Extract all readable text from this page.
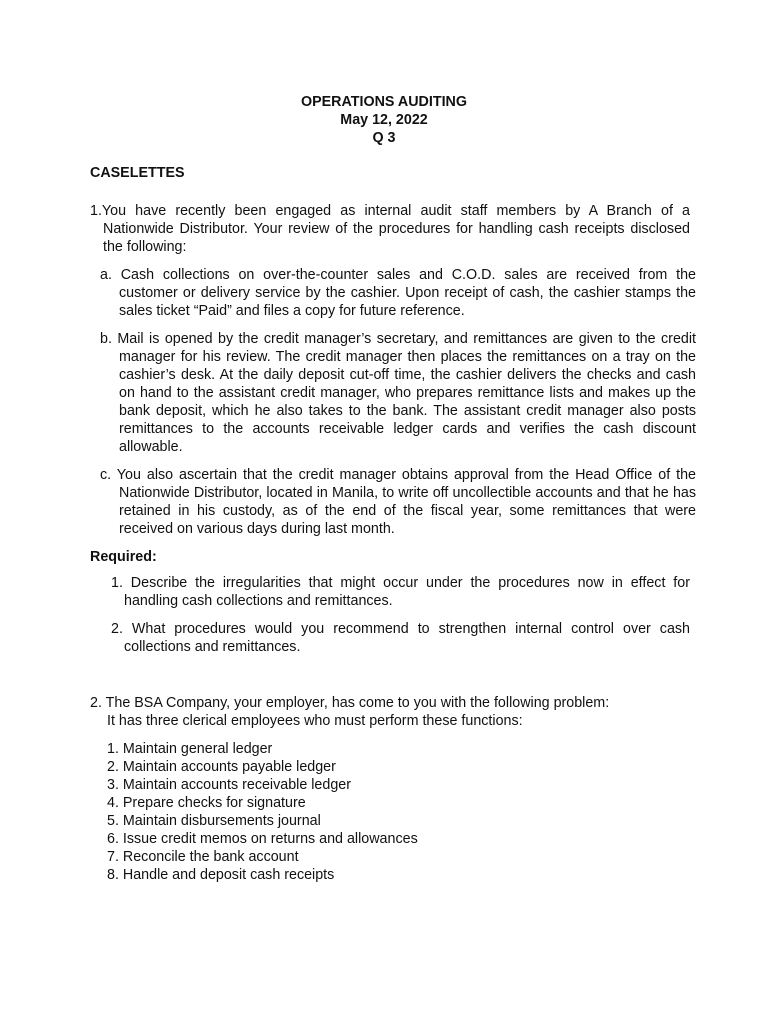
OPERATIONS AUDITING
May 12, 2022
Q 3
CASELETTES
1.You have recently been engaged as internal audit staff members by A Branch of a Nationwide Distributor. Your review of the procedures for handling cash receipts disclosed the following:
a. Cash collections on over-the-counter sales and C.O.D. sales are received from the customer or delivery service by the cashier. Upon receipt of cash, the cashier stamps the sales ticket “Paid” and files a copy for future reference.
b. Mail is opened by the credit manager’s secretary, and remittances are given to the credit manager for his review. The credit manager then places the remittances on a tray on the cashier’s desk. At the daily deposit cut-off time, the cashier delivers the checks and cash on hand to the assistant credit manager, who prepares remittance lists and makes up the bank deposit, which he also takes to the bank. The assistant credit manager also posts remittances to the accounts receivable ledger cards and verifies the cash discount allowable.
c. You also ascertain that the credit manager obtains approval from the Head Office of the Nationwide Distributor, located in Manila, to write off uncollectible accounts and that he has retained in his custody, as of the end of the fiscal year, some remittances that were received on various days during last month.
Required:
1. Describe the irregularities that might occur under the procedures now in effect for handling cash collections and remittances.
2. What procedures would you recommend to strengthen internal control over cash collections and remittances.
2. The BSA Company, your employer, has come to you with the following problem:
It has three clerical employees who must perform these functions:
1. Maintain general ledger
2. Maintain accounts payable ledger
3. Maintain accounts receivable ledger
4. Prepare checks for signature
5. Maintain disbursements journal
6. Issue credit memos on returns and allowances
7. Reconcile the bank account
8. Handle and deposit cash receipts
